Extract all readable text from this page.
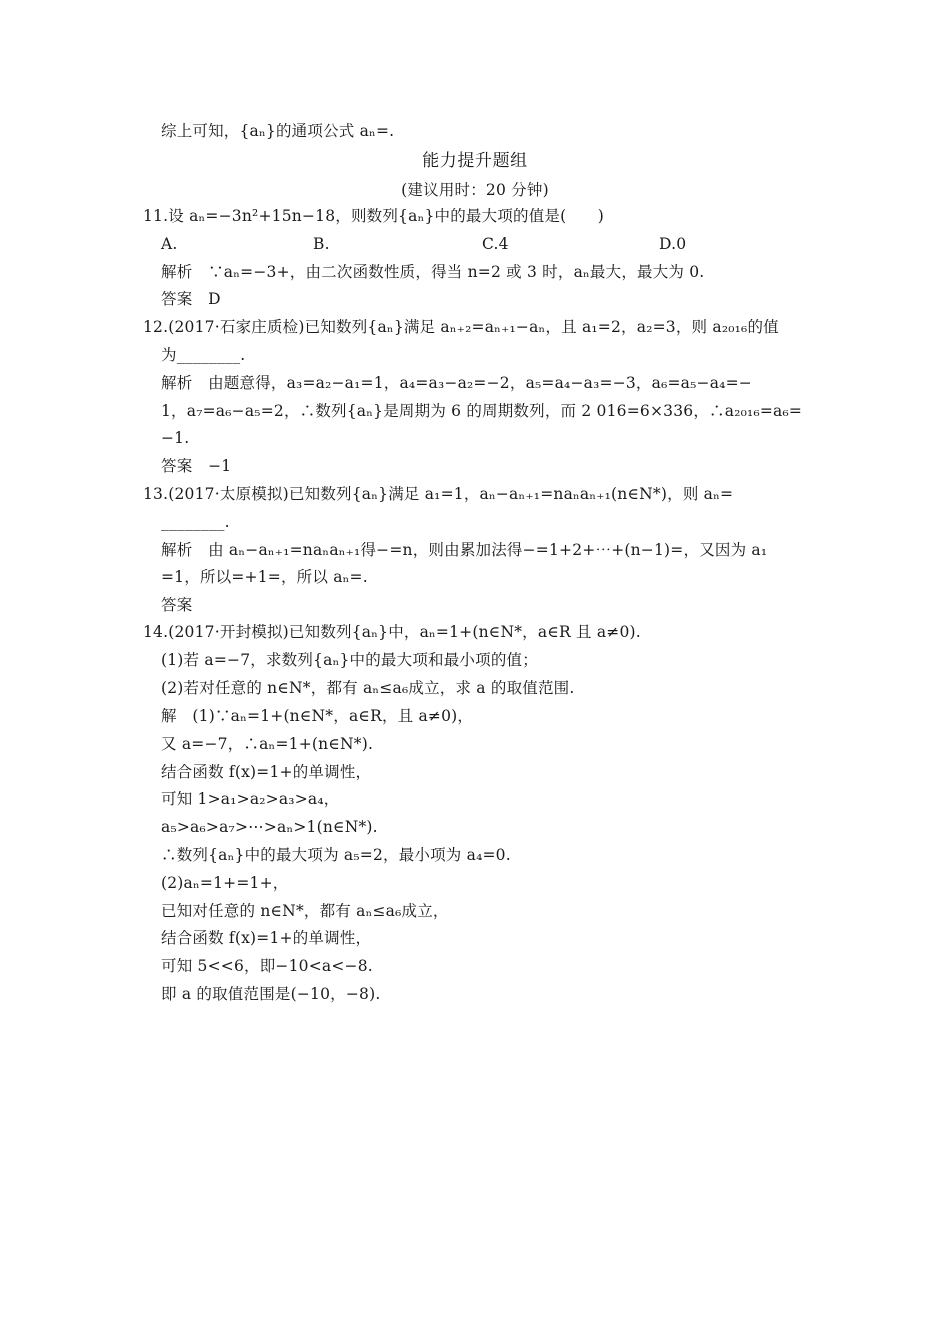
综上可知，{aₙ}的通项公式 aₙ=.
能力提升题组
(建议用时：20 分钟)
11.设 aₙ=−3n²+15n−18，则数列{aₙ}中的最大项的值是(　　)
A.	B.	C.4	D.0
解析　∵aₙ=−3+，由二次函数性质，得当 n=2 或 3 时，aₙ最大，最大为 0.
答案　D
12.(2017·石家庄质检)已知数列{aₙ}满足 aₙ₊₂=aₙ₊₁−aₙ，且 a₁=2，a₂=3，则 a₂₀₁₆的值
为________.
解析　由题意得，a₃=a₂−a₁=1，a₄=a₃−a₂=−2，a₅=a₄−a₃=−3，a₆=a₅−a₄=−
1，a₇=a₆−a₅=2，∴数列{aₙ}是周期为 6 的周期数列，而 2 016=6×336，∴a₂₀₁₆=a₆=
−1.
答案　−1
13.(2017·太原模拟)已知数列{aₙ}满足 a₁=1，aₙ−aₙ₊₁=naₙaₙ₊₁(n∈N*)，则 aₙ=
________.
解析　由 aₙ−aₙ₊₁=naₙaₙ₊₁得−=n，则由累加法得−=1+2+⋯+(n−1)=，又因为 a₁
=1，所以=+1=，所以 aₙ=.
答案
14.(2017·开封模拟)已知数列{aₙ}中，aₙ=1+(n∈N*，a∈R 且 a≠0).
(1)若 a=−7，求数列{aₙ}中的最大项和最小项的值；
(2)若对任意的 n∈N*，都有 aₙ≤a₆成立，求 a 的取值范围.
解　(1)∵aₙ=1+(n∈N*，a∈R，且 a≠0)，
又 a=−7，∴aₙ=1+(n∈N*).
结合函数 f(x)=1+的单调性，
可知 1>a₁>a₂>a₃>a₄，
a₅>a₆>a₇>⋯>aₙ>1(n∈N*).
∴数列{aₙ}中的最大项为 a₅=2，最小项为 a₄=0.
(2)aₙ=1+=1+，
已知对任意的 n∈N*，都有 aₙ≤a₆成立，
结合函数 f(x)=1+的单调性，
可知 5<<6，即−10<a<−8.
即 a 的取值范围是(−10，−8).
